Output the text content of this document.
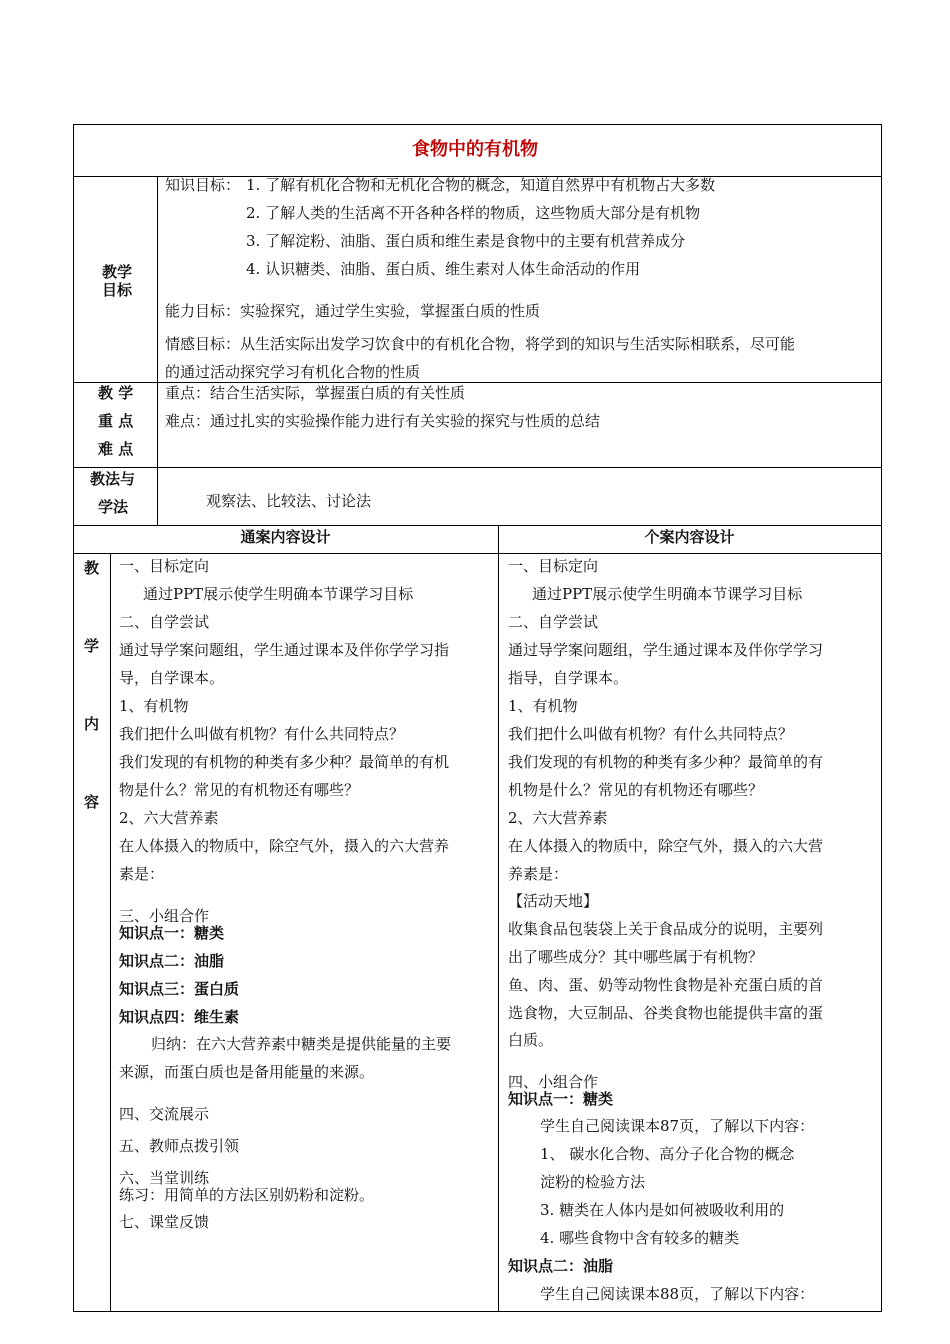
食物中的有机物
教学
目标
知识目标： 1. 了解有机化合物和无机化合物的概念，知道自然界中有机物占大多数
2. 了解人类的生活离不开各种各样的物质，这些物质大部分是有机物
3. 了解淀粉、油脂、蛋白质和维生素是食物中的主要有机营养成分
4. 认识糖类、油脂、蛋白质、维生素对人体生命活动的作用
能力目标：实验探究，通过学生实验，掌握蛋白质的性质
情感目标：从生活实际出发学习饮食中的有机化合物，将学到的知识与生活实际相联系，尽可能
的通过活动探究学习有机化合物的性质
教 学
重 点
难 点
重点：结合生活实际，掌握蛋白质的有关性质
难点：通过扎实的实验操作能力进行有关实验的探究与性质的总结
教法与
学法	观察法、比较法、讨论法
通案内容设计	个案内容设计
教
学
内
容
一、目标定向
通过PPT展示使学生明确本节课学习目标
二、自学尝试
通过导学案问题组，学生通过课本及伴你学学习指
导，自学课本。
1、有机物
我们把什么叫做有机物？有什么共同特点？
我们发现的有机物的种类有多少种？最简单的有机
物是什么？常见的有机物还有哪些？
2、六大营养素
在人体摄入的物质中，除空气外，摄入的六大营养
素是：
三、小组合作
知识点一：糖类
知识点二：油脂
知识点三：蛋白质
知识点四：维生素
归纳：在六大营养素中糖类是提供能量的主要
来源，而蛋白质也是备用能量的来源。
四、交流展示
五、教师点拨引领
六、当堂训练
练习：用简单的方法区别奶粉和淀粉。
七、课堂反馈
一、目标定向
通过PPT展示使学生明确本节课学习目标
二、自学尝试
通过导学案问题组，学生通过课本及伴你学学习
指导，自学课本。
1、有机物
我们把什么叫做有机物？有什么共同特点？
我们发现的有机物的种类有多少种？最简单的有
机物是什么？常见的有机物还有哪些？
2、六大营养素
在人体摄入的物质中，除空气外，摄入的六大营
养素是：
【活动天地】
收集食品包装袋上关于食品成分的说明，主要列
出了哪些成分？其中哪些属于有机物？
鱼、肉、蛋、奶等动物性食物是补充蛋白质的首
选食物，大豆制品、谷类食物也能提供丰富的蛋
白质。
四、小组合作
知识点一：糖类
学生自己阅读课本87页，了解以下内容：
1、 碳水化合物、高分子化合物的概念
淀粉的检验方法
3. 糖类在人体内是如何被吸收利用的
4. 哪些食物中含有较多的糖类
知识点二：油脂
学生自己阅读课本88页，了解以下内容：
